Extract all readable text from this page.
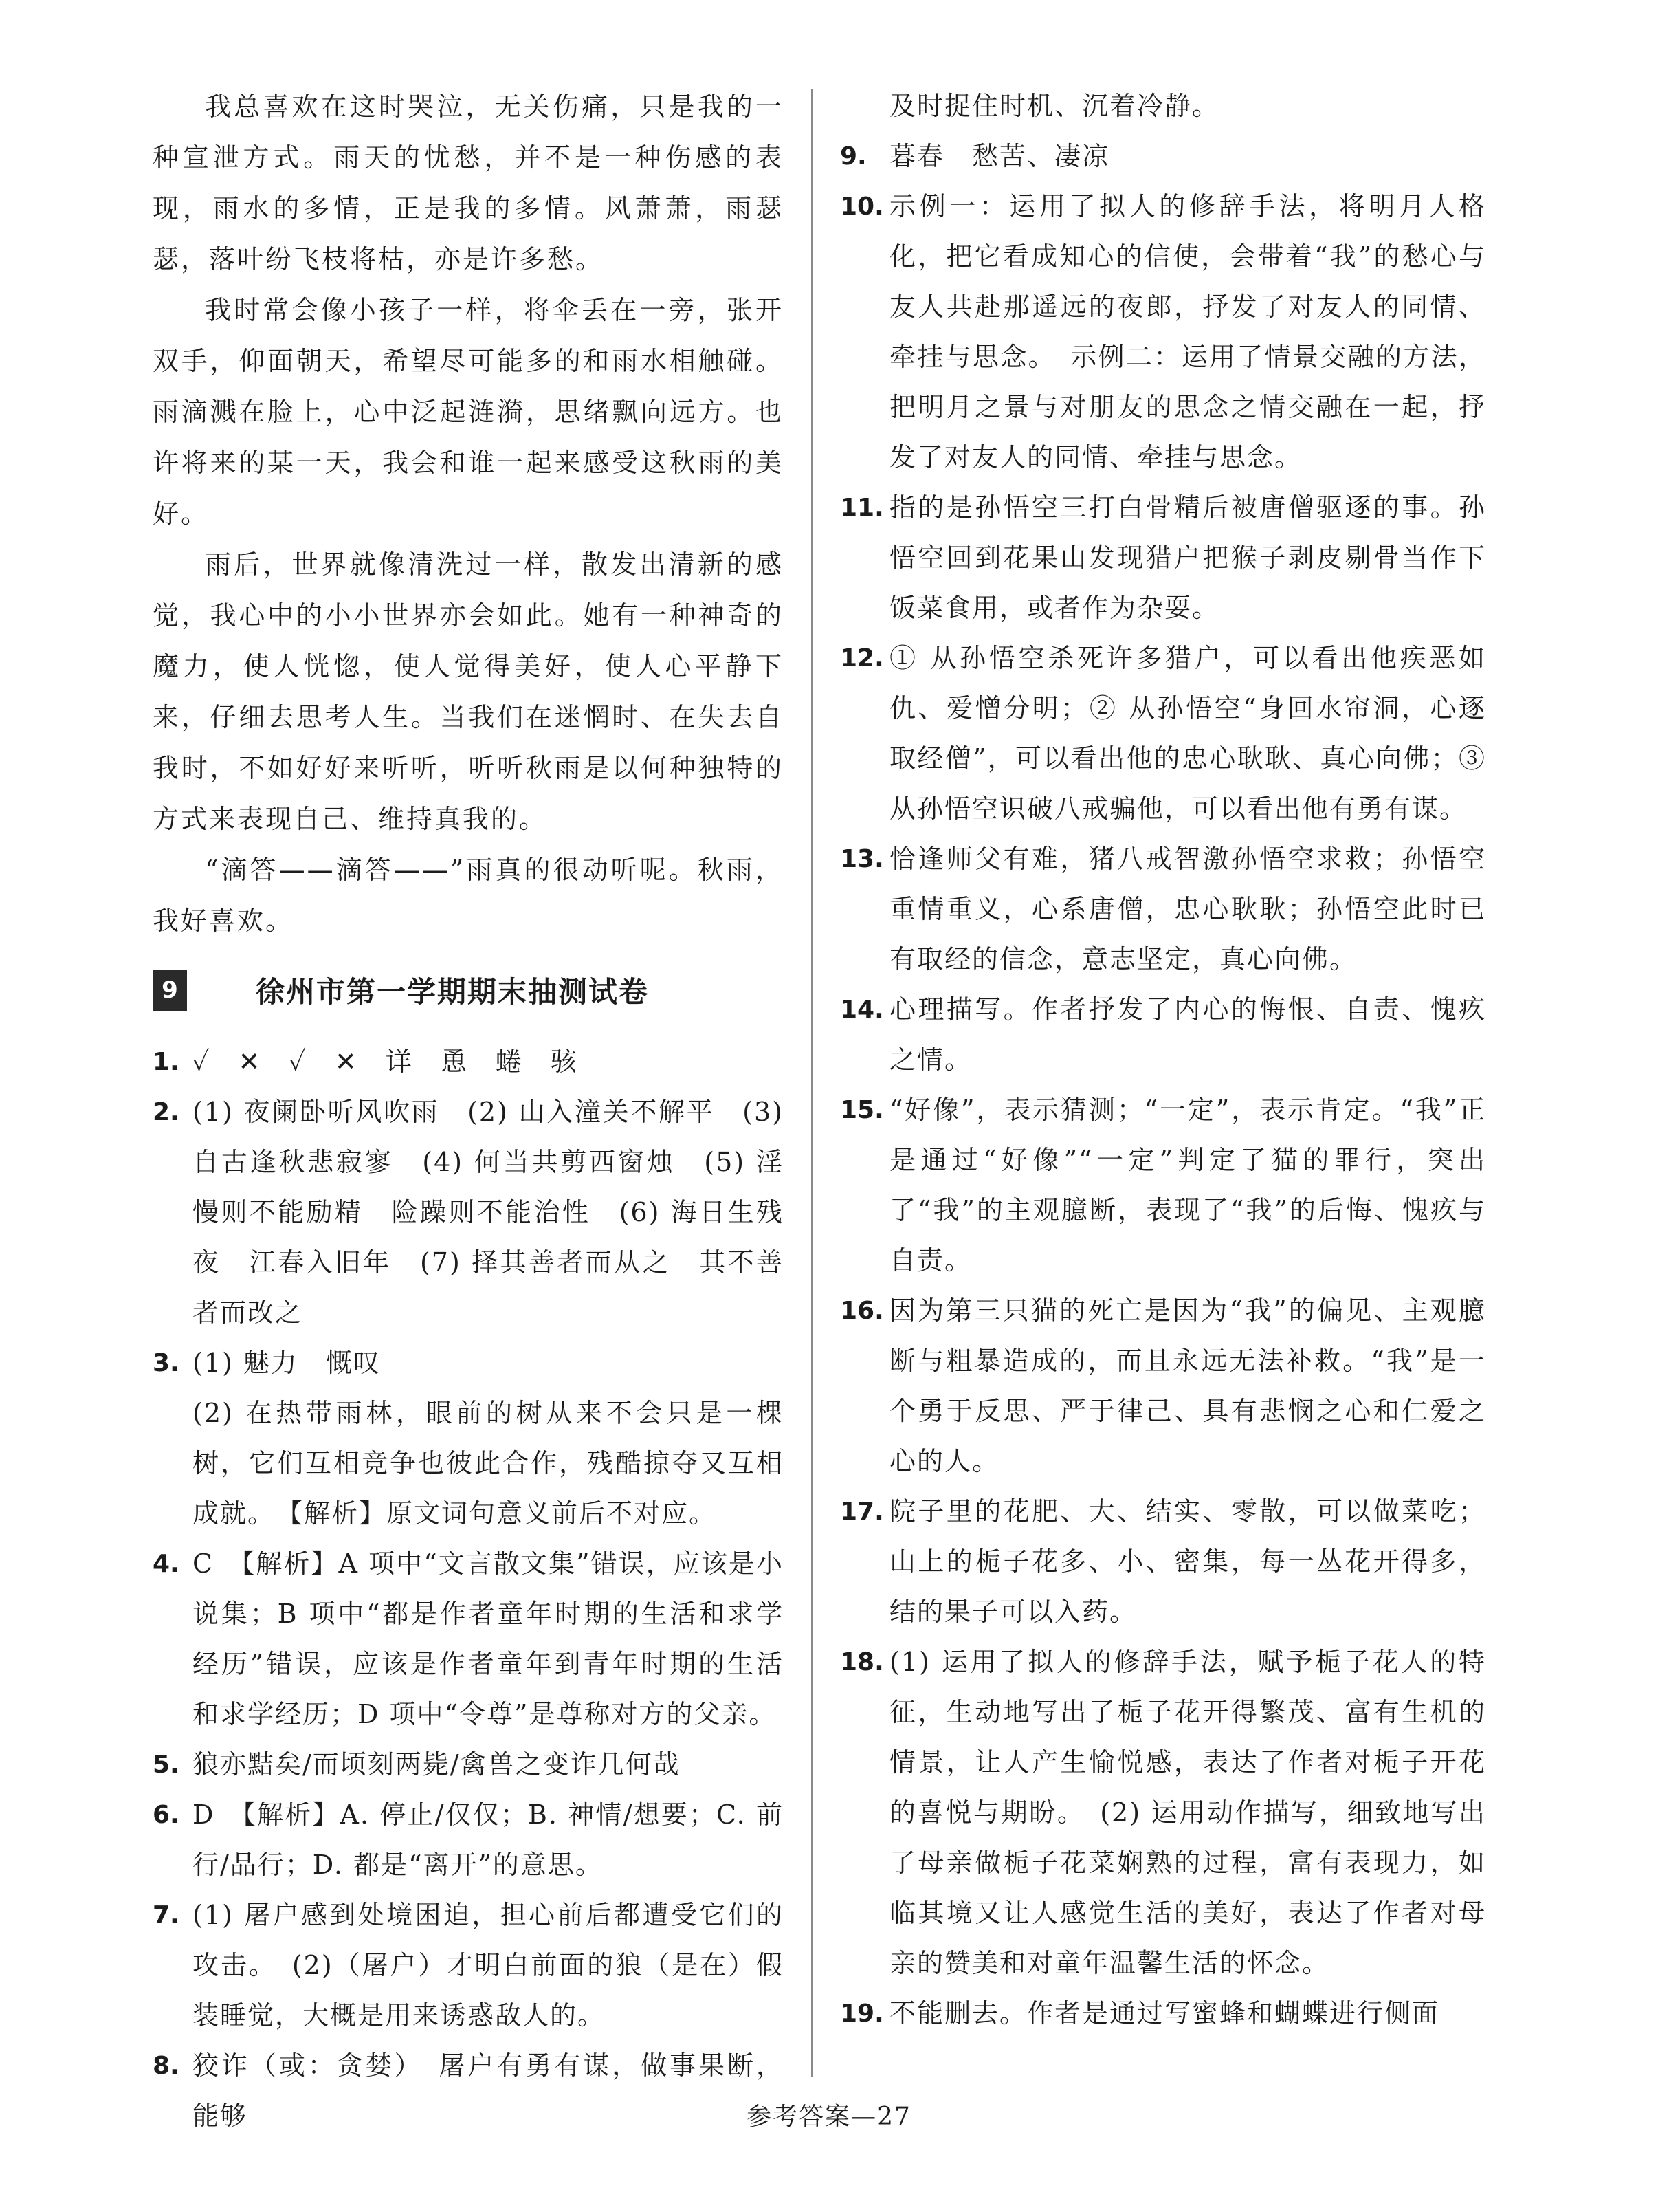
我总喜欢在这时哭泣，无关伤痛，只是我的一种宣泄方式。雨天的忧愁，并不是一种伤感的表现，雨水的多情，正是我的多情。风萧萧，雨瑟瑟，落叶纷飞枝将枯，亦是许多愁。

我时常会像小孩子一样，将伞丢在一旁，张开双手，仰面朝天，希望尽可能多的和雨水相触碰。雨滴溅在脸上，心中泛起涟漪，思绪飘向远方。也许将来的某一天，我会和谁一起来感受这秋雨的美好。

雨后，世界就像清洗过一样，散发出清新的感觉，我心中的小小世界亦会如此。她有一种神奇的魔力，使人恍惚，使人觉得美好，使人心平静下来，仔细去思考人生。当我们在迷惘时、在失去自我时，不如好好来听听，听听秋雨是以何种独特的方式来表现自己、维持真我的。

“滴答——滴答——”雨真的很动听呢。秋雨，我好喜欢。

9	徐州市第一学期期末抽测试卷
1. ✓　✕　✓　✕　详　恿　蜷　骇
2. (1) 夜阑卧听风吹雨　(2) 山入潼关不解平　(3) 自古逢秋悲寂寥　(4) 何当共剪西窗烛　(5) 淫慢则不能励精　险躁则不能治性　(6) 海日生残夜　江春入旧年　(7) 择其善者而从之　其不善者而改之
3. (1) 魅力　慨叹
(2) 在热带雨林，眼前的树从来不会只是一棵树，它们互相竞争也彼此合作，残酷掠夺又互相成就。　【解析】原文词句意义前后不对应。
4. C　【解析】A 项中“文言散文集”错误，应该是小说集；B 项中“都是作者童年时期的生活和求学经历”错误，应该是作者童年到青年时期的生活和求学经历；D 项中“令尊”是尊称对方的父亲。
5. 狼亦黠矣/而顷刻两毙/禽兽之变诈几何哉
6. D　【解析】A. 停止/仅仅；B. 神情/想要；C. 前行/品行；D. 都是“离开”的意思。
7. (1) 屠户感到处境困迫，担心前后都遭受它们的攻击。　(2)（屠户）才明白前面的狼（是在）假装睡觉，大概是用来诱惑敌人的。
8. 狡诈（或：贪婪）　屠户有勇有谋，做事果断，能够
及时捉住时机、沉着冷静。
9. 暮春　愁苦、凄凉
10. 示例一：运用了拟人的修辞手法，将明月人格化，把它看成知心的信使，会带着“我”的愁心与友人共赴那遥远的夜郎，抒发了对友人的同情、牵挂与思念。　示例二：运用了情景交融的方法，把明月之景与对朋友的思念之情交融在一起，抒发了对友人的同情、牵挂与思念。
11. 指的是孙悟空三打白骨精后被唐僧驱逐的事。孙悟空回到花果山发现猎户把猴子剥皮剔骨当作下饭菜食用，或者作为杂耍。
12. ① 从孙悟空杀死许多猎户，可以看出他疾恶如仇、爱憎分明；② 从孙悟空“身回水帘洞，心逐取经僧”，可以看出他的忠心耿耿、真心向佛；③ 从孙悟空识破八戒骗他，可以看出他有勇有谋。
13. 恰逢师父有难，猪八戒智激孙悟空求救；孙悟空重情重义，心系唐僧，忠心耿耿；孙悟空此时已有取经的信念，意志坚定，真心向佛。
14. 心理描写。作者抒发了内心的悔恨、自责、愧疚之情。
15. “好像”，表示猜测；“一定”，表示肯定。“我”正是通过“好像”“一定”判定了猫的罪行，突出了“我”的主观臆断，表现了“我”的后悔、愧疚与自责。
16. 因为第三只猫的死亡是因为“我”的偏见、主观臆断与粗暴造成的，而且永远无法补救。“我”是一个勇于反思、严于律己、具有悲悯之心和仁爱之心的人。
17. 院子里的花肥、大、结实、零散，可以做菜吃；山上的栀子花多、小、密集，每一丛花开得多，结的果子可以入药。
18. (1) 运用了拟人的修辞手法，赋予栀子花人的特征，生动地写出了栀子花开得繁茂、富有生机的情景，让人产生愉悦感，表达了作者对栀子开花的喜悦与期盼。　(2) 运用动作描写，细致地写出了母亲做栀子花菜娴熟的过程，富有表现力，如临其境又让人感觉生活的美好，表达了作者对母亲的赞美和对童年温馨生活的怀念。
19. 不能删去。作者是通过写蜜蜂和蝴蝶进行侧面
参考答案—27
